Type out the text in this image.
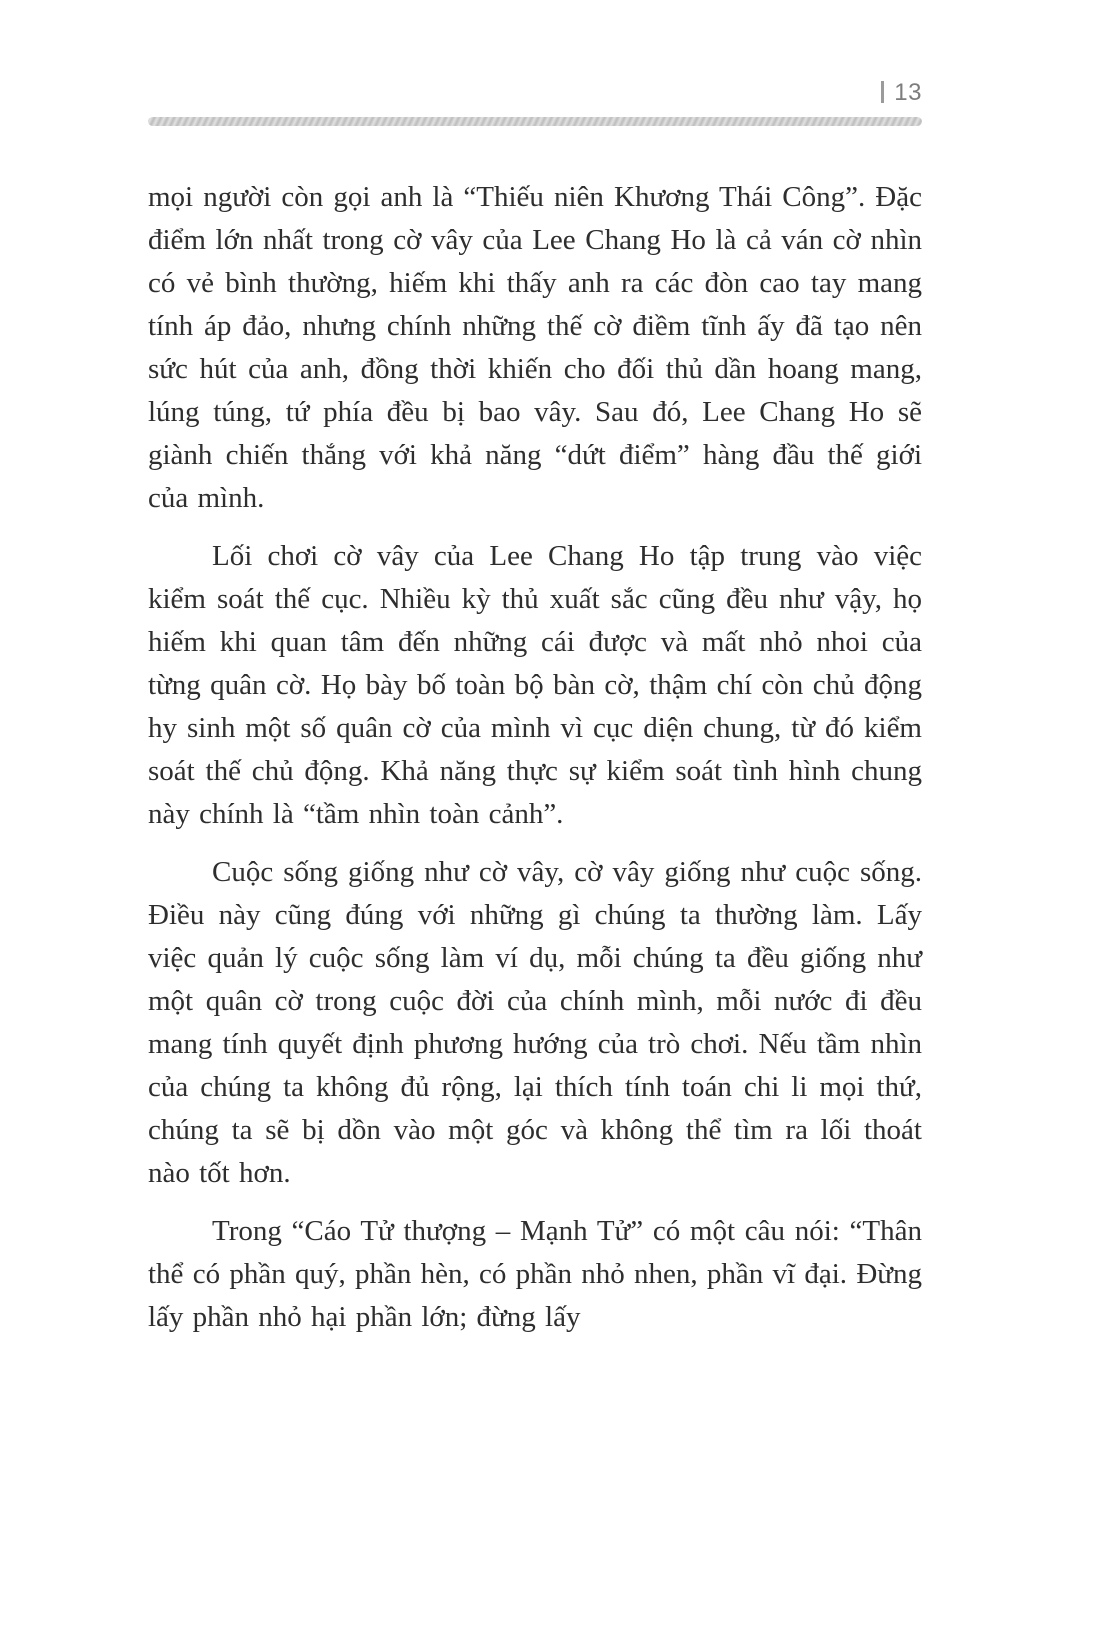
13

mọi người còn gọi anh là “Thiếu niên Khương Thái Công”. Đặc điểm lớn nhất trong cờ vây của Lee Chang Ho là cả ván cờ nhìn có vẻ bình thường, hiếm khi thấy anh ra các đòn cao tay mang tính áp đảo, nhưng chính những thế cờ điềm tĩnh ấy đã tạo nên sức hút của anh, đồng thời khiến cho đối thủ dần hoang mang, lúng túng, tứ phía đều bị bao vây. Sau đó, Lee Chang Ho sẽ giành chiến thắng với khả năng “dứt điểm” hàng đầu thế giới của mình.

Lối chơi cờ vây của Lee Chang Ho tập trung vào việc kiểm soát thế cục. Nhiều kỳ thủ xuất sắc cũng đều như vậy, họ hiếm khi quan tâm đến những cái được và mất nhỏ nhoi của từng quân cờ. Họ bày bố toàn bộ bàn cờ, thậm chí còn chủ động hy sinh một số quân cờ của mình vì cục diện chung, từ đó kiểm soát thế chủ động. Khả năng thực sự kiểm soát tình hình chung này chính là “tầm nhìn toàn cảnh”.

Cuộc sống giống như cờ vây, cờ vây giống như cuộc sống. Điều này cũng đúng với những gì chúng ta thường làm. Lấy việc quản lý cuộc sống làm ví dụ, mỗi chúng ta đều giống như một quân cờ trong cuộc đời của chính mình, mỗi nước đi đều mang tính quyết định phương hướng của trò chơi. Nếu tầm nhìn của chúng ta không đủ rộng, lại thích tính toán chi li mọi thứ, chúng ta sẽ bị dồn vào một góc và không thể tìm ra lối thoát nào tốt hơn.

Trong “Cáo Tử thượng – Mạnh Tử” có một câu nói: “Thân thể có phần quý, phần hèn, có phần nhỏ nhen, phần vĩ đại. Đừng lấy phần nhỏ hại phần lớn; đừng lấy
